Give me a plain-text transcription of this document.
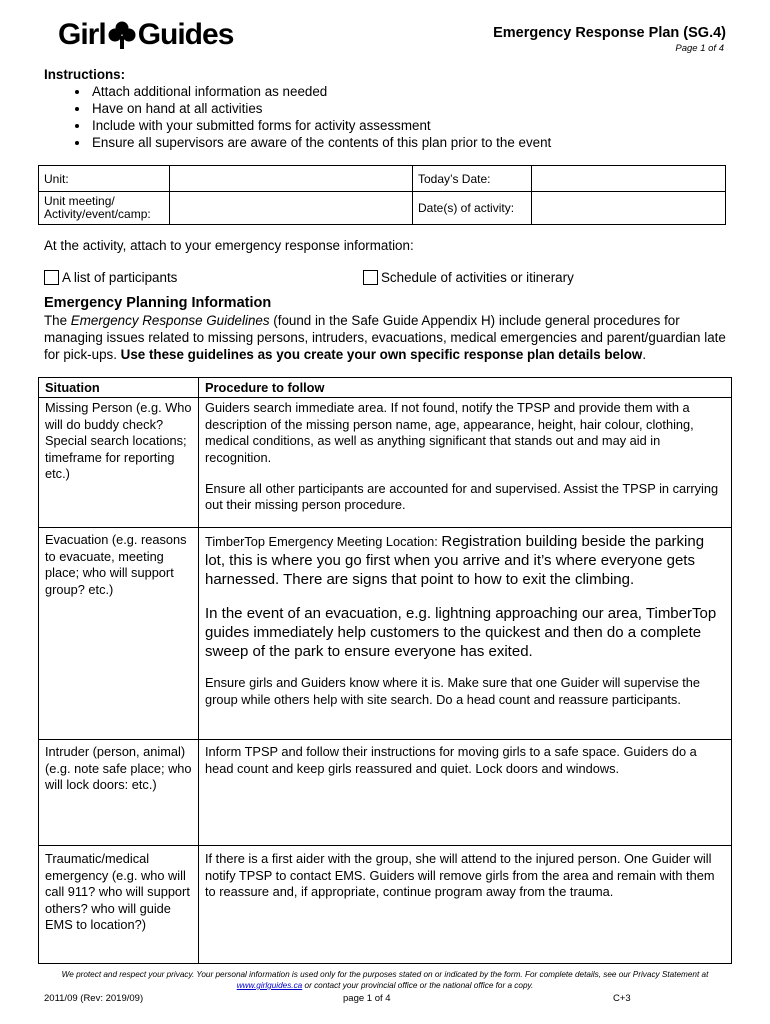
Girl Guides	Emergency Response Plan (SG.4)
Page 1 of 4
Instructions:
• Attach additional information as needed
• Have on hand at all activities
• Include with your submitted forms for activity assessment
• Ensure all supervisors are aware of the contents of this plan prior to the event
Unit:		Today’s Date:	
Unit meeting/
Activity/event/camp:		Date(s) of activity:	
At the activity, attach to your emergency response information:
A list of participants	Schedule of activities or itinerary
Emergency Planning Information
The Emergency Response Guidelines (found in the Safe Guide Appendix H) include general procedures for managing issues related to missing persons, intruders, evacuations, medical emergencies and parent/guardian late for pick-ups. Use these guidelines as you create your own specific response plan details below.
Situation	Procedure to follow
Missing Person (e.g. Who will do buddy check? Special search locations; timeframe for reporting etc.)	Guiders search immediate area. If not found, notify the TPSP and provide them with a description of the missing person name, age, appearance, height, hair colour, clothing, medical conditions, as well as anything significant that stands out and may aid in recognition.

Ensure all other participants are accounted for and supervised. Assist the TPSP in carrying out their missing person procedure.

Evacuation (e.g. reasons to evacuate, meeting place; who will support group? etc.)	TimberTop Emergency Meeting Location: Registration building beside the parking lot, this is where you go first when you arrive and it’s where everyone gets harnessed. There are signs that point to how to exit the climbing.

In the event of an evacuation, e.g. lightning approaching our area, TimberTop guides immediately help customers to the quickest and then do a complete sweep of the park to ensure everyone has exited.

Ensure girls and Guiders know where it is. Make sure that one Guider will supervise the group while others help with site search. Do a head count and reassure participants.

Intruder (person, animal) (e.g. note safe place; who will lock doors: etc.)	Inform TPSP and follow their instructions for moving girls to a safe space. Guiders do a head count and keep girls reassured and quiet. Lock doors and windows.

Traumatic/medical emergency (e.g. who will call 911? who will support others? who will guide EMS to location?)	If there is a first aider with the group, she will attend to the injured person. One Guider will notify TPSP to contact EMS. Guiders will remove girls from the area and remain with them to reassure and, if appropriate, continue program away from the trauma.

We protect and respect your privacy. Your personal information is used only for the purposes stated on or indicated by the form. For complete details, see our Privacy Statement at www.girlguides.ca or contact your provincial office or the national office for a copy.
2011/09 (Rev: 2019/09)	page 1 of 4	C+3
